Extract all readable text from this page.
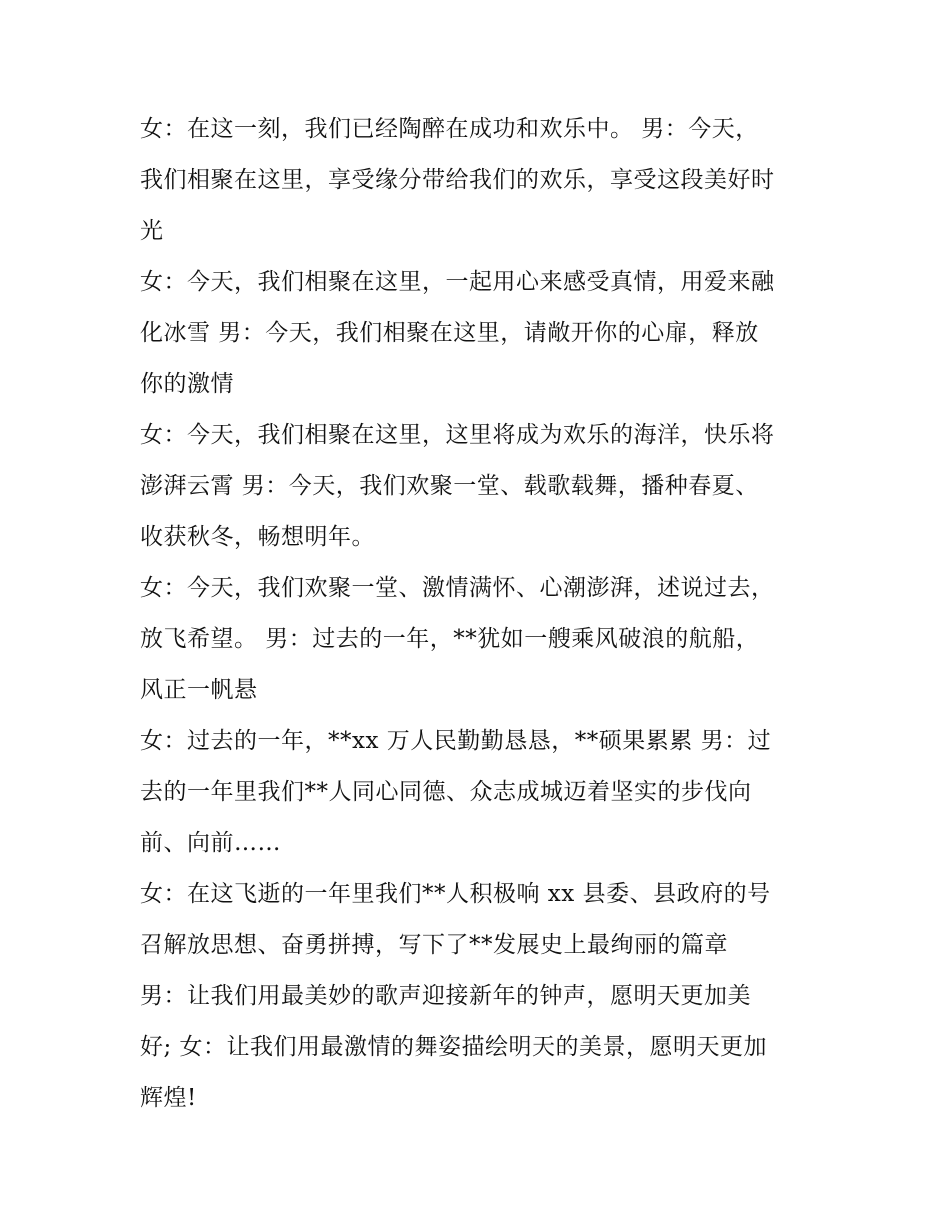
女：在这一刻，我们已经陶醉在成功和欢乐中。 男：今天，
我们相聚在这里，享受缘分带给我们的欢乐，享受这段美好时
光
女：今天，我们相聚在这里，一起用心来感受真情，用爱来融
化冰雪 男：今天，我们相聚在这里，请敞开你的心扉，释放
你的激情
女：今天，我们相聚在这里，这里将成为欢乐的海洋，快乐将
澎湃云霄 男：今天，我们欢聚一堂、载歌载舞，播种春夏、
收获秋冬，畅想明年。
女：今天，我们欢聚一堂、激情满怀、心潮澎湃，述说过去，
放飞希望。 男：过去的一年，**犹如一艘乘风破浪的航船，
风正一帆悬
女：过去的一年，**xx 万人民勤勤恳恳，**硕果累累 男：过
去的一年里我们**人同心同德、众志成城迈着坚实的步伐向
前、向前……
女：在这飞逝的一年里我们**人积极响 xx 县委、县政府的号
召解放思想、奋勇拼搏，写下了**发展史上最绚丽的篇章
男：让我们用最美妙的歌声迎接新年的钟声，愿明天更加美
好; 女：让我们用最激情的舞姿描绘明天的美景，愿明天更加
辉煌!
